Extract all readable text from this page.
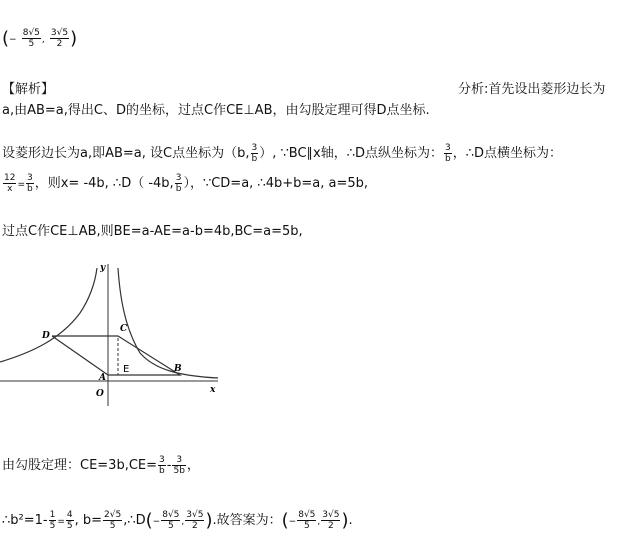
(− $\frac{8√5}{5}$ , $\frac{3√5}{2}$ )
【解析】	分析:首先设出菱形边长为
a,由AB=a,得出C、D的坐标，过点C作CE⊥AB，由勾股定理可得D点坐标.
设菱形边长为a,即AB=a, 设C点坐标为（b, $\frac{3}{b}$ ）, ∵BC∥x轴，∴D点纵坐标为： $\frac{3}{b}$ ，∴D点横坐标为：
$\frac{12}{x} = \frac{3}{b}$ ，则x= -4b, ∴D（ -4b, $\frac{3}{b}$ ），∵CD=a, ∴4b+b=a, a=5b,
过点C作CE⊥AB,则BE=a-AE=a-b=4b,BC=a=5b,
y
x
D
C
A
O
E	B
由勾股定理：$CE=3b,CE= \frac{3}{b} - \frac{3}{5b}$ ，
∴b²=1- $\frac{1}{5} = \frac{4}{5}$ , $b= \frac{2√5}{5}$ ,∴D(− $\frac{8√5}{5}$ , $\frac{3√5}{2}$ ).故答案为：(− $\frac{8√5}{5}$ , $\frac{3√5}{2}$ ).
